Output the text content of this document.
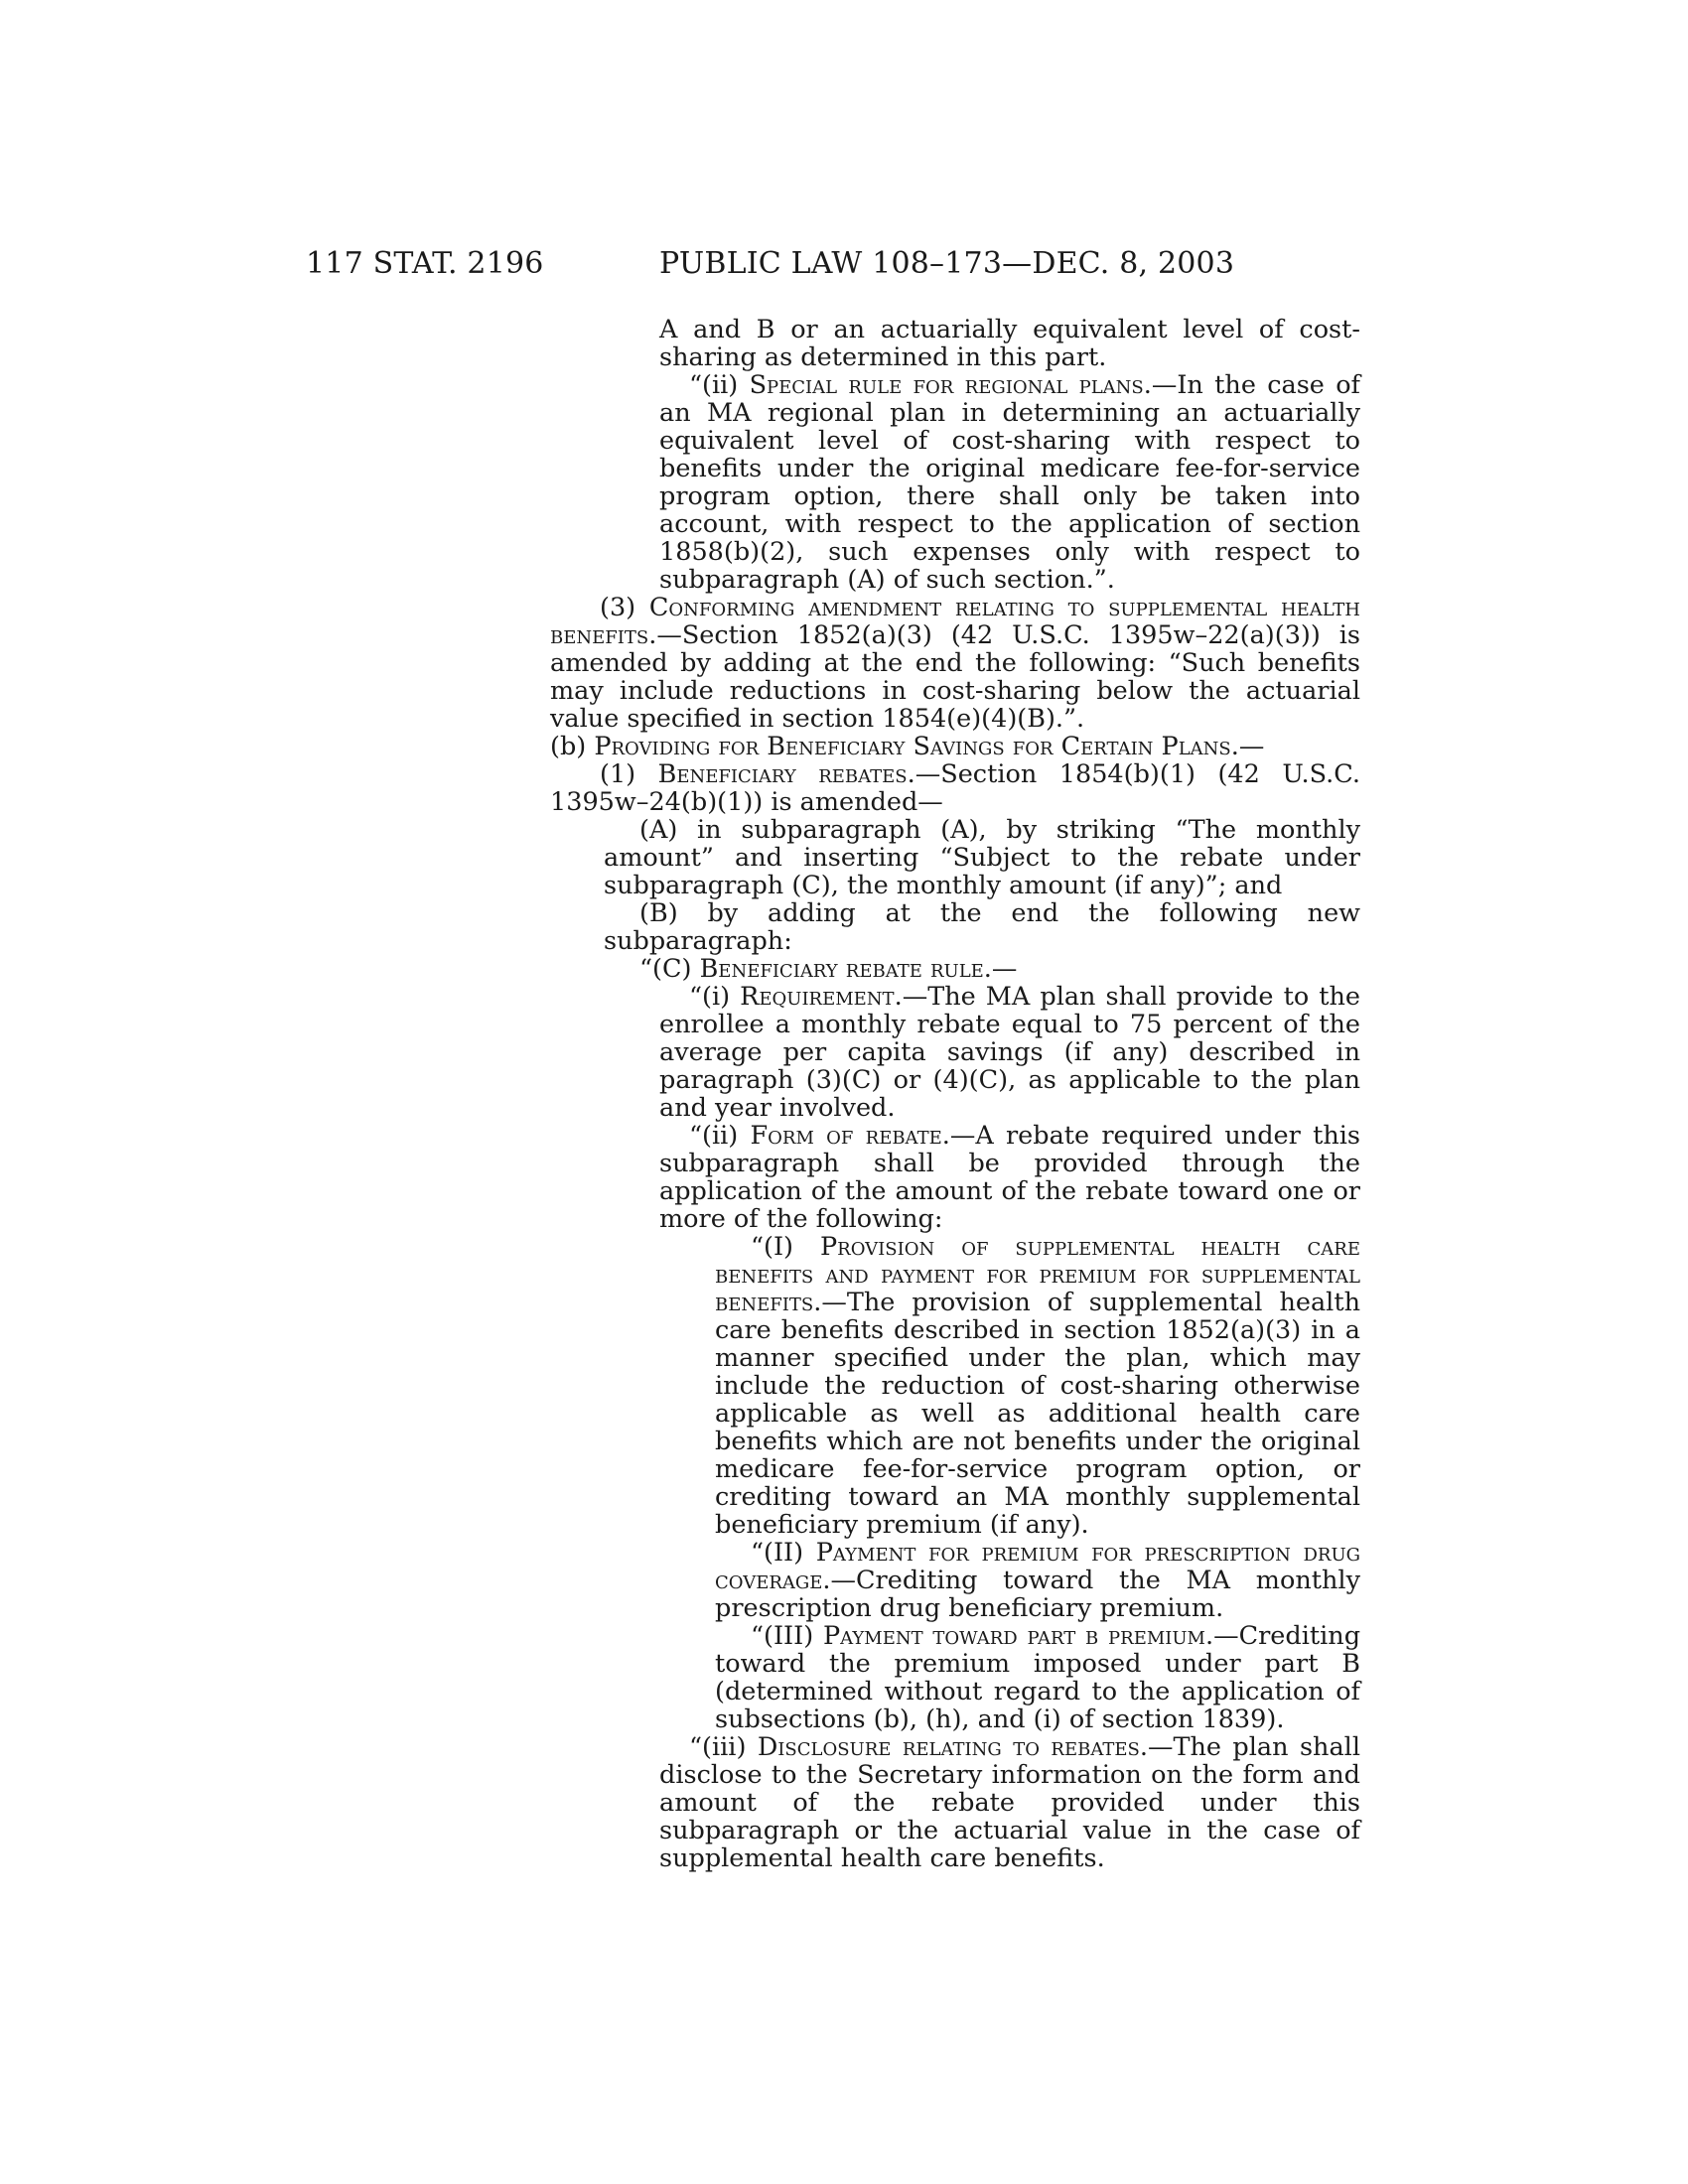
117 STAT. 2196	PUBLIC LAW 108–173—DEC. 8, 2003

A and B or an actuarially equivalent level of cost-sharing as determined in this part.

“(ii) Special rule for regional plans.—In the case of an MA regional plan in determining an actuarially equivalent level of cost-sharing with respect to benefits under the original medicare fee-for-service program option, there shall only be taken into account, with respect to the application of section 1858(b)(2), such expenses only with respect to subparagraph (A) of such section.”.

(3) Conforming amendment relating to supplemental health benefits.—Section 1852(a)(3) (42 U.S.C. 1395w–22(a)(3)) is amended by adding at the end the following: “Such benefits may include reductions in cost-sharing below the actuarial value specified in section 1854(e)(4)(B).”.

(b) Providing for Beneficiary Savings for Certain Plans.—

(1) Beneficiary rebates.—Section 1854(b)(1) (42 U.S.C. 1395w–24(b)(1)) is amended—

(A) in subparagraph (A), by striking “The monthly amount” and inserting “Subject to the rebate under subparagraph (C), the monthly amount (if any)”; and

(B) by adding at the end the following new subparagraph:

“(C) Beneficiary rebate rule.—

“(i) Requirement.—The MA plan shall provide to the enrollee a monthly rebate equal to 75 percent of the average per capita savings (if any) described in paragraph (3)(C) or (4)(C), as applicable to the plan and year involved.

“(ii) Form of rebate.—A rebate required under this subparagraph shall be provided through the application of the amount of the rebate toward one or more of the following:

“(I) Provision of supplemental health care benefits and payment for premium for supplemental benefits.—The provision of supplemental health care benefits described in section 1852(a)(3) in a manner specified under the plan, which may include the reduction of cost-sharing otherwise applicable as well as additional health care benefits which are not benefits under the original medicare fee-for-service program option, or crediting toward an MA monthly supplemental beneficiary premium (if any).

“(II) Payment for premium for prescription drug coverage.—Crediting toward the MA monthly prescription drug beneficiary premium.

“(III) Payment toward part b premium.—Crediting toward the premium imposed under part B (determined without regard to the application of subsections (b), (h), and (i) of section 1839).

“(iii) Disclosure relating to rebates.—The plan shall disclose to the Secretary information on the form and amount of the rebate provided under this subparagraph or the actuarial value in the case of supplemental health care benefits.
